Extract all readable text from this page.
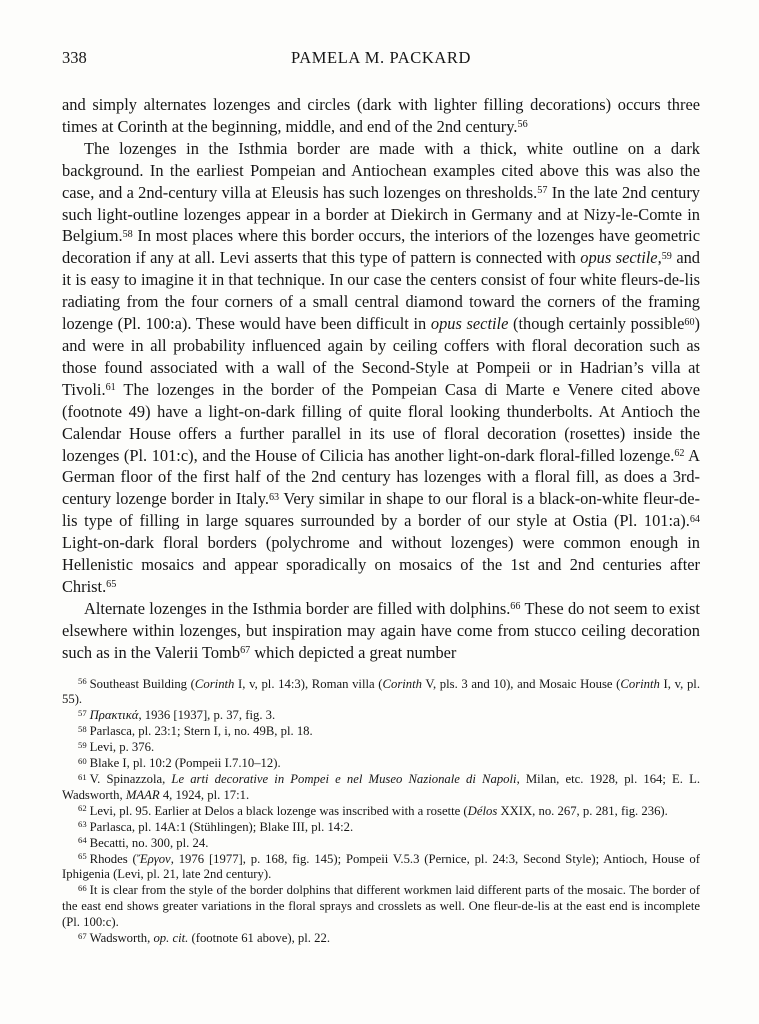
338	PAMELA M. PACKARD

and simply alternates lozenges and circles (dark with lighter filling decorations) occurs three times at Corinth at the beginning, middle, and end of the 2nd century.$^{56}$

The lozenges in the Isthmia border are made with a thick, white outline on a dark background. In the earliest Pompeian and Antiochean examples cited above this was also the case, and a 2nd-century villa at Eleusis has such lozenges on thresholds.$^{57}$ In the late 2nd century such light-outline lozenges appear in a border at Diekirch in Germany and at Nizy-le-Comte in Belgium.$^{58}$ In most places where this border occurs, the interiors of the lozenges have geometric decoration if any at all. Levi asserts that this type of pattern is connected with opus sectile,$^{59}$ and it is easy to imagine it in that technique. In our case the centers consist of four white fleurs-de-lis radiating from the four corners of a small central diamond toward the corners of the framing lozenge (Pl. 100:a). These would have been difficult in opus sectile (though certainly possible$^{60}$) and were in all probability influenced again by ceiling coffers with floral decoration such as those found associated with a wall of the Second-Style at Pompeii or in Hadrian’s villa at Tivoli.$^{61}$ The lozenges in the border of the Pompeian Casa di Marte e Venere cited above (footnote 49) have a light-on-dark filling of quite floral looking thunderbolts. At Antioch the Calendar House offers a further parallel in its use of floral decoration (rosettes) inside the lozenges (Pl. 101:c), and the House of Cilicia has another light-on-dark floral-filled lozenge.$^{62}$ A German floor of the first half of the 2nd century has lozenges with a floral fill, as does a 3rd-century lozenge border in Italy.$^{63}$ Very similar in shape to our floral is a black-on-white fleur-de-lis type of filling in large squares surrounded by a border of our style at Ostia (Pl. 101:a).$^{64}$ Light-on-dark floral borders (polychrome and without lozenges) were common enough in Hellenistic mosaics and appear sporadically on mosaics of the 1st and 2nd centuries after Christ.$^{65}$

Alternate lozenges in the Isthmia border are filled with dolphins.$^{66}$ These do not seem to exist elsewhere within lozenges, but inspiration may again have come from stucco ceiling decoration such as in the Valerii Tomb$^{67}$ which depicted a great number

$^{56}$ Southeast Building (Corinth I, v, pl. 14:3), Roman villa (Corinth V, pls. 3 and 10), and Mosaic House (Corinth I, v, pl. 55).

$^{57}$ Πρακτικά, 1936 [1937], p. 37, fig. 3.

$^{58}$ Parlasca, pl. 23:1; Stern I, i, no. 49B, pl. 18.

$^{59}$ Levi, p. 376.

$^{60}$ Blake I, pl. 10:2 (Pompeii I.7.10–12).

$^{61}$ V. Spinazzola, Le arti decorative in Pompei e nel Museo Nazionale di Napoli, Milan, etc. 1928, pl. 164; E. L. Wadsworth, MAAR 4, 1924, pl. 17:1.

$^{62}$ Levi, pl. 95. Earlier at Delos a black lozenge was inscribed with a rosette (Délos XXIX, no. 267, p. 281, fig. 236).

$^{63}$ Parlasca, pl. 14A:1 (Stühlingen); Blake III, pl. 14:2.

$^{64}$ Becatti, no. 300, pl. 24.

$^{65}$ Rhodes (Ἔργον, 1976 [1977], p. 168, fig. 145); Pompeii V.5.3 (Pernice, pl. 24:3, Second Style); Antioch, House of Iphigenia (Levi, pl. 21, late 2nd century).

$^{66}$ It is clear from the style of the border dolphins that different workmen laid different parts of the mosaic. The border of the east end shows greater variations in the floral sprays and crosslets as well. One fleur-de-lis at the east end is incomplete (Pl. 100:c).

$^{67}$ Wadsworth, op. cit. (footnote 61 above), pl. 22.
